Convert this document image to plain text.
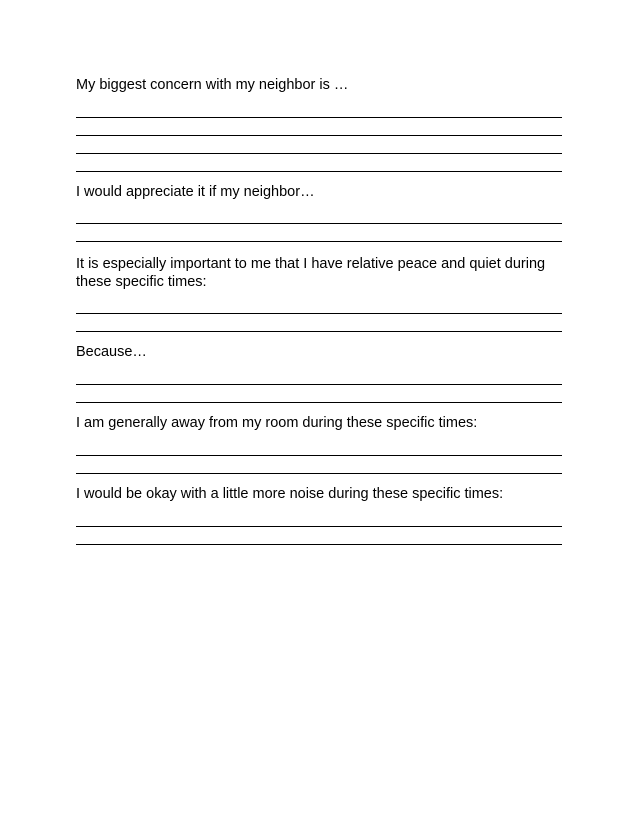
My biggest concern with my neighbor is …
I would appreciate it if my neighbor…
It is especially important to me that I have relative peace and quiet during these specific times:
Because…
I am generally away from my room during these specific times:
I would be okay with a little more noise during these specific times:
